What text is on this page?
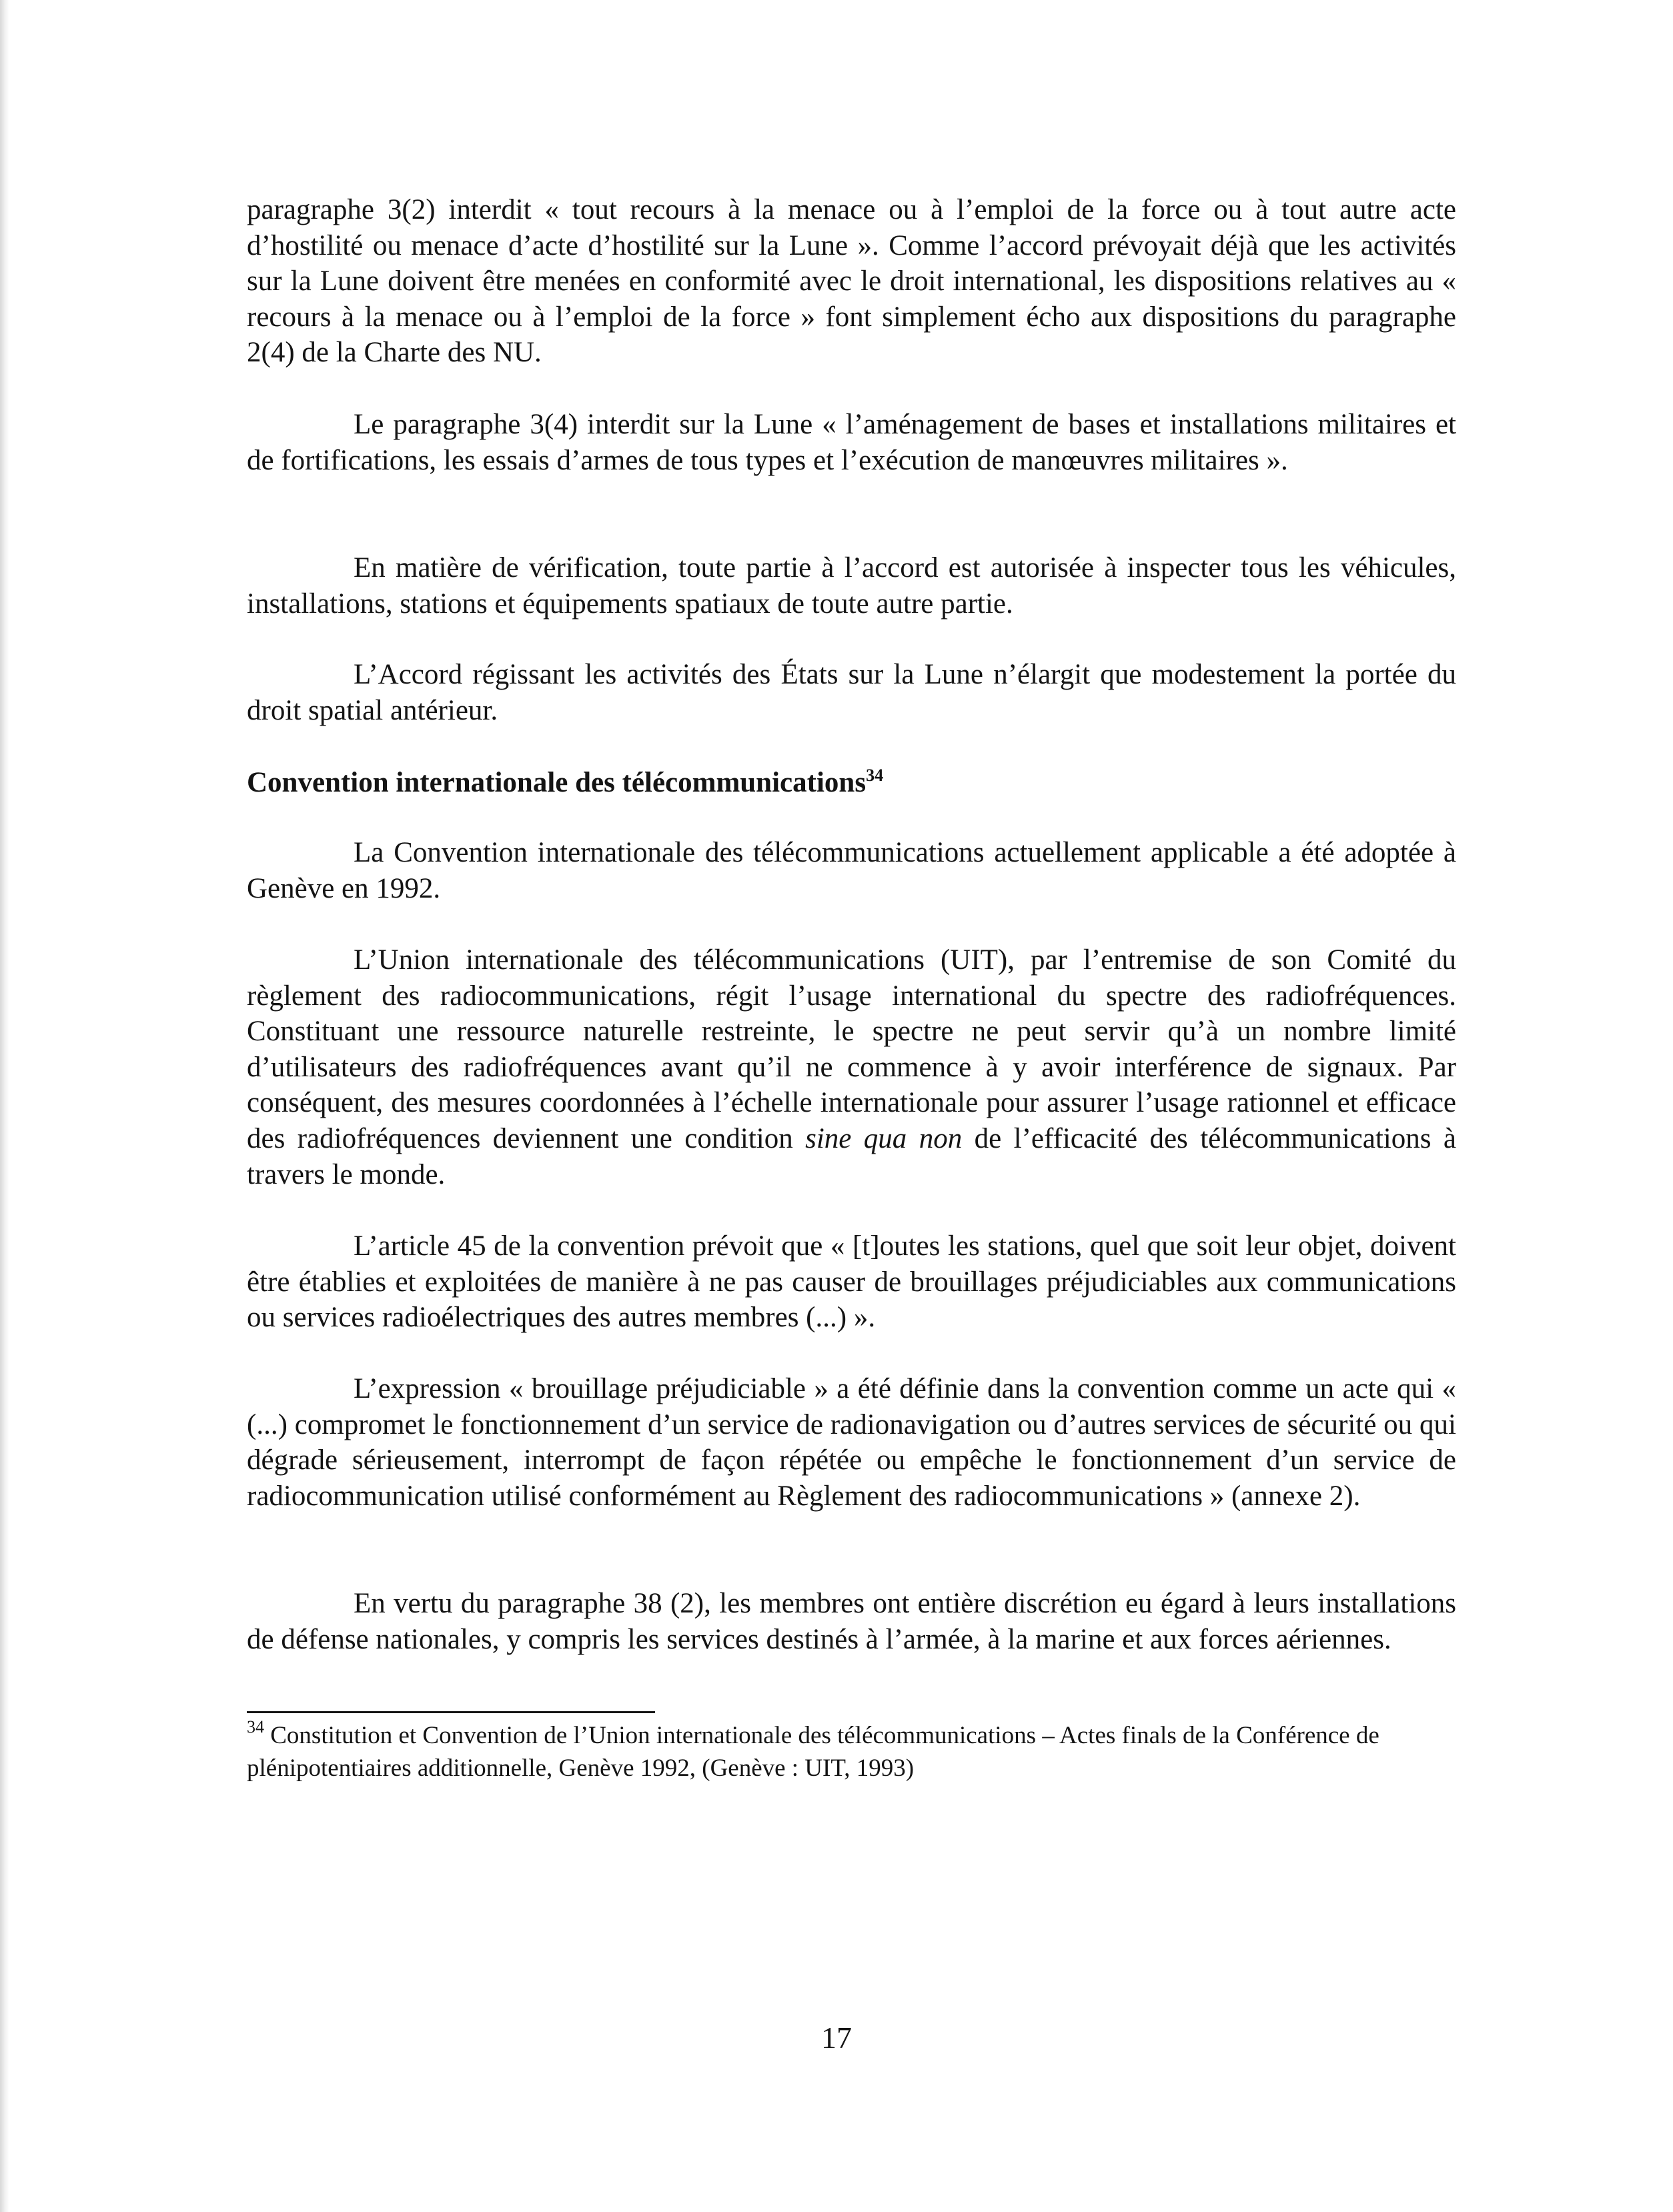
paragraphe 3(2) interdit « tout recours à la menace ou à l’emploi de la force ou à tout autre acte d’hostilité ou menace d’acte d’hostilité sur la Lune ». Comme l’accord prévoyait déjà que les activités sur la Lune doivent être menées en conformité avec le droit international, les dispositions relatives au « recours à la menace ou à l’emploi de la force » font simplement écho aux dispositions du paragraphe 2(4) de la Charte des NU.

Le paragraphe 3(4) interdit sur la Lune « l’aménagement de bases et installations militaires et de fortifications, les essais d’armes de tous types et l’exécution de manœuvres militaires ».

En matière de vérification, toute partie à l’accord est autorisée à inspecter tous les véhicules, installations, stations et équipements spatiaux de toute autre partie.

L’Accord régissant les activités des États sur la Lune n’élargit que modestement la portée du droit spatial antérieur.

Convention internationale des télécommunications$^{34}$

La Convention internationale des télécommunications actuellement applicable a été adoptée à Genève en 1992.

L’Union internationale des télécommunications (UIT), par l’entremise de son Comité du règlement des radiocommunications, régit l’usage international du spectre des radiofréquences. Constituant une ressource naturelle restreinte, le spectre ne peut servir qu’à un nombre limité d’utilisateurs des radiofréquences avant qu’il ne commence à y avoir interférence de signaux. Par conséquent, des mesures coordonnées à l’échelle internationale pour assurer l’usage rationnel et efficace des radiofréquences deviennent une condition sine qua non de l’efficacité des télécommunications à travers le monde.

L’article 45 de la convention prévoit que « [t]outes les stations, quel que soit leur objet, doivent être établies et exploitées de manière à ne pas causer de brouillages préjudiciables aux communications ou services radioélectriques des autres membres (...) ».

L’expression « brouillage préjudiciable » a été définie dans la convention comme un acte qui « (...) compromet le fonctionnement d’un service de radionavigation ou d’autres services de sécurité ou qui dégrade sérieusement, interrompt de façon répétée ou empêche le fonctionnement d’un service de radiocommunication utilisé conformément au Règlement des radiocommunications » (annexe 2).

En vertu du paragraphe 38 (2), les membres ont entière discrétion eu égard à leurs installations de défense nationales, y compris les services destinés à l’armée, à la marine et aux forces aériennes.

$^{34}$ Constitution et Convention de l’Union internationale des télécommunications – Actes finals de la Conférence de plénipotentiaires additionnelle, Genève 1992, (Genève : UIT, 1993)

17
